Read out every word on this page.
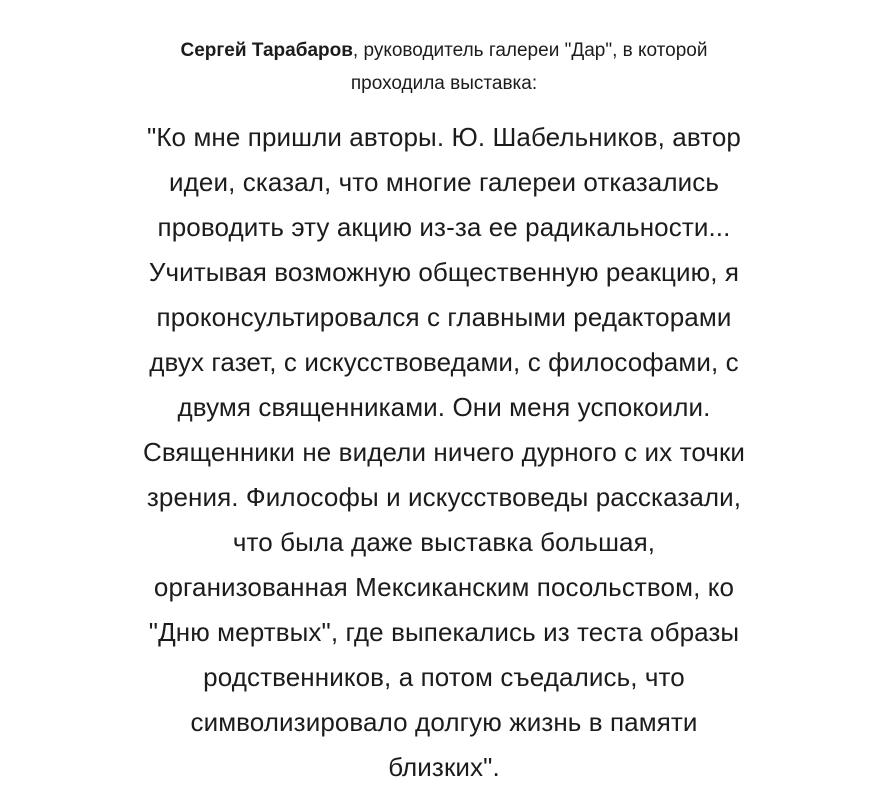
Сергей Тарабаров, руководитель галереи "Дар", в которой
проходила выставка:
"Ко мне пришли авторы. Ю. Шабельников, автор
идеи, сказал, что многие галереи отказались
проводить эту акцию из-за ее радикальности...
Учитывая возможную общественную реакцию, я
проконсультировался с главными редакторами
двух газет, с искусствоведами, с философами, с
двумя священниками. Они меня успокоили.
Священники не видели ничего дурного с их точки
зрения. Философы и искусствоведы рассказали,
что была даже выставка большая,
организованная Мексиканским посольством, ко
"Дню мертвых", где выпекались из теста образы
родственников, а потом съедались, что
символизировало долгую жизнь в памяти
близких".
